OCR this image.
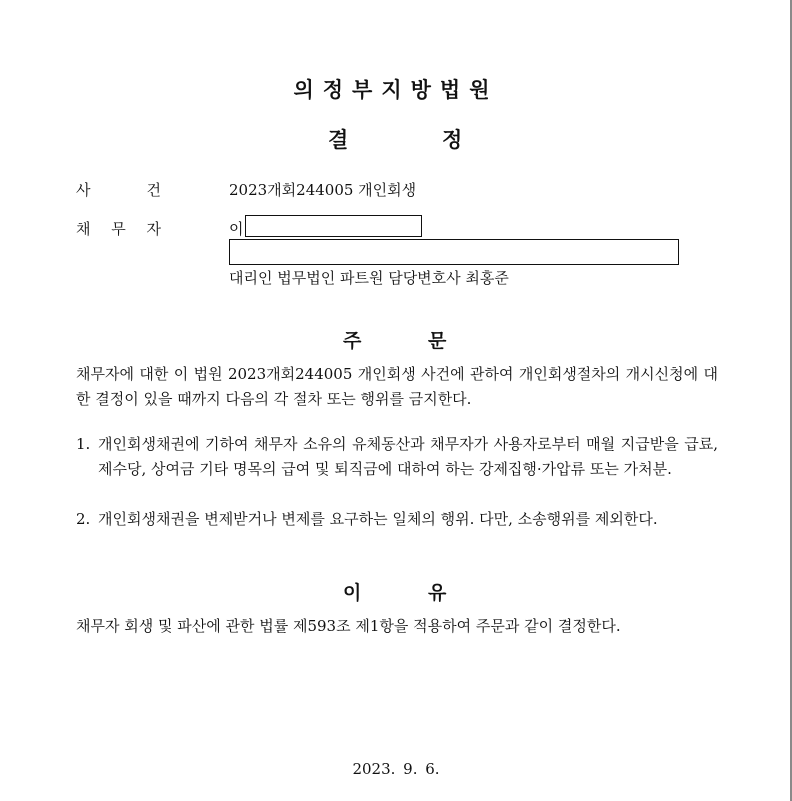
의정부지방법원
결	정
사	건	2023개회244005 개인회생
채 무 자	이
대리인 법무법인 파트원 담당변호사 최홍준
주	문
채무자에 대한 이 법원 2023개회244005 개인회생 사건에 관하여 개인회생절차의 개시신청에 대한 결정이 있을 때까지 다음의 각 절차 또는 행위를 금지한다.
1. 개인회생채권에 기하여 채무자 소유의 유체동산과 채무자가 사용자로부터 매월 지급받을 급료, 제수당, 상여금 기타 명목의 급여 및 퇴직금에 대하여 하는 강제집행·가압류 또는 가처분.
2. 개인회생채권을 변제받거나 변제를 요구하는 일체의 행위. 다만, 소송행위를 제외한다.
이	유
채무자 회생 및 파산에 관한 법률 제593조 제1항을 적용하여 주문과 같이 결정한다.
2023. 9. 6.
